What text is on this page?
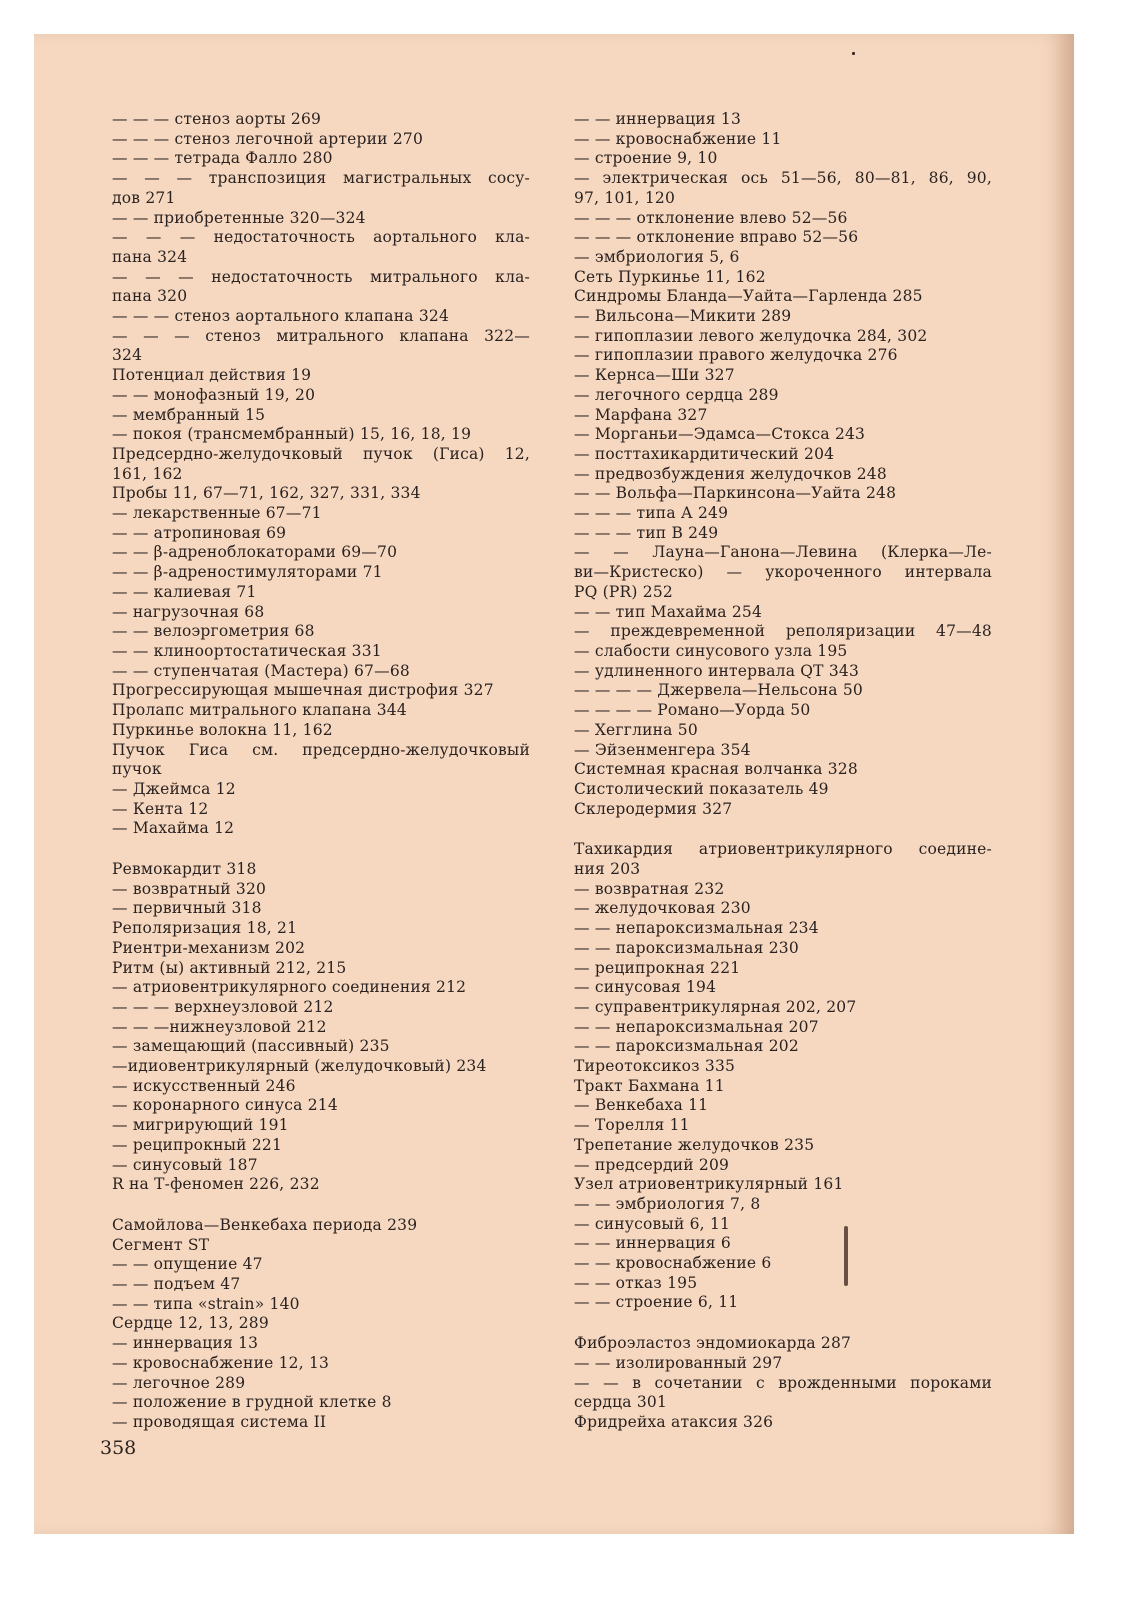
— — — стеноз аорты 269
— — — стеноз легочной артерии 270
— — — тетрада Фалло 280
— — — транспозиция магистральных сосу-
дов 271
— — приобретенные 320—324
— — — недостаточность аортального кла-
пана 324
— — — недостаточность митрального кла-
пана 320
— — — стеноз аортального клапана 324
— — — стеноз митрального клапана 322—
324
Потенциал действия 19
— — монофазный 19, 20
— мембранный 15
— покоя (трансмембранный) 15, 16, 18, 19
Предсердно-желудочковый пучок (Гиса) 12,
161, 162
Пробы 11, 67—71, 162, 327, 331, 334
— лекарственные 67—71
— — атропиновая 69
— — β-адреноблокаторами 69—70
— — β-адреностимуляторами 71
— — калиевая 71
— нагрузочная 68
— — велоэргометрия 68
— — клиноортостатическая 331
— — ступенчатая (Мастера) 67—68
Прогрессирующая мышечная дистрофия 327
Пролапс митрального клапана 344
Пуркинье волокна 11, 162
Пучок Гиса см. предсердно-желудочковый
пучок
— Джеймса 12
— Кента 12
— Махайма 12
Ревмокардит 318
— возвратный 320
— первичный 318
Реполяризация 18, 21
Риентри-механизм 202
Ритм (ы) активный 212, 215
— атриовентрикулярного соединения 212
— — — верхнеузловой 212
— — —нижнеузловой 212
— замещающий (пассивный) 235
—идиовентрикулярный (желудочковый) 234
— искусственный 246
— коронарного синуса 214
— мигрирующий 191
— реципрокный 221
— синусовый 187
R на Т-феномен 226, 232
Самойлова—Венкебаха периода 239
Сегмент ST
— — опущение 47
— — подъем 47
— — типа «strain» 140
Сердце 12, 13, 289
— иннервация 13
— кровоснабжение 12, 13
— легочное 289
— положение в грудной клетке 8
— проводящая система II
— — иннервация 13
— — кровоснабжение 11
— строение 9, 10
— электрическая ось 51—56, 80—81, 86, 90,
97, 101, 120
— — — отклонение влево 52—56
— — — отклонение вправо 52—56
— эмбриология 5, 6
Сеть Пуркинье 11, 162
Синдромы Бланда—Уайта—Гарленда 285
— Вильсона—Микити 289
— гипоплазии левого желудочка 284, 302
— гипоплазии правого желудочка 276
— Кернса—Ши 327
— легочного сердца 289
— Марфана 327
— Морганьи—Эдамса—Стокса 243
— посттахикардитический 204
— предвозбуждения желудочков 248
— — Вольфа—Паркинсона—Уайта 248
— — — типа А 249
— — — тип В 249
— — Лауна—Ганона—Левина (Клерка—Ле-
ви—Кристеско) — укороченного интервала
PQ (PR) 252
— — тип Махайма 254
— преждевременной реполяризации 47—48
— слабости синусового узла 195
— удлиненного интервала QT 343
— — — — Джервела—Нельсона 50
— — — — Романо—Уорда 50
— Хегглина 50
— Эйзенменгера 354
Системная красная волчанка 328
Систолический показатель 49
Склеродермия 327
Тахикардия атриовентрикулярного соедине-
ния 203
— возвратная 232
— желудочковая 230
— — непароксизмальная 234
— — пароксизмальная 230
— реципрокная 221
— синусовая 194
— суправентрикулярная 202, 207
— — непароксизмальная 207
— — пароксизмальная 202
Тиреотоксикоз 335
Тракт Бахмана 11
— Венкебаха 11
— Торелля 11
Трепетание желудочков 235
— предсердий 209
Узел атриовентрикулярный 161
— — эмбриология 7, 8
— синусовый 6, 11
— — иннервация 6
— — кровоснабжение 6
— — отказ 195
— — строение 6, 11
Фиброэластоз эндомиокарда 287
— — изолированный 297
— — в сочетании с врожденными пороками
сердца 301
Фридрейха атаксия 326
358
